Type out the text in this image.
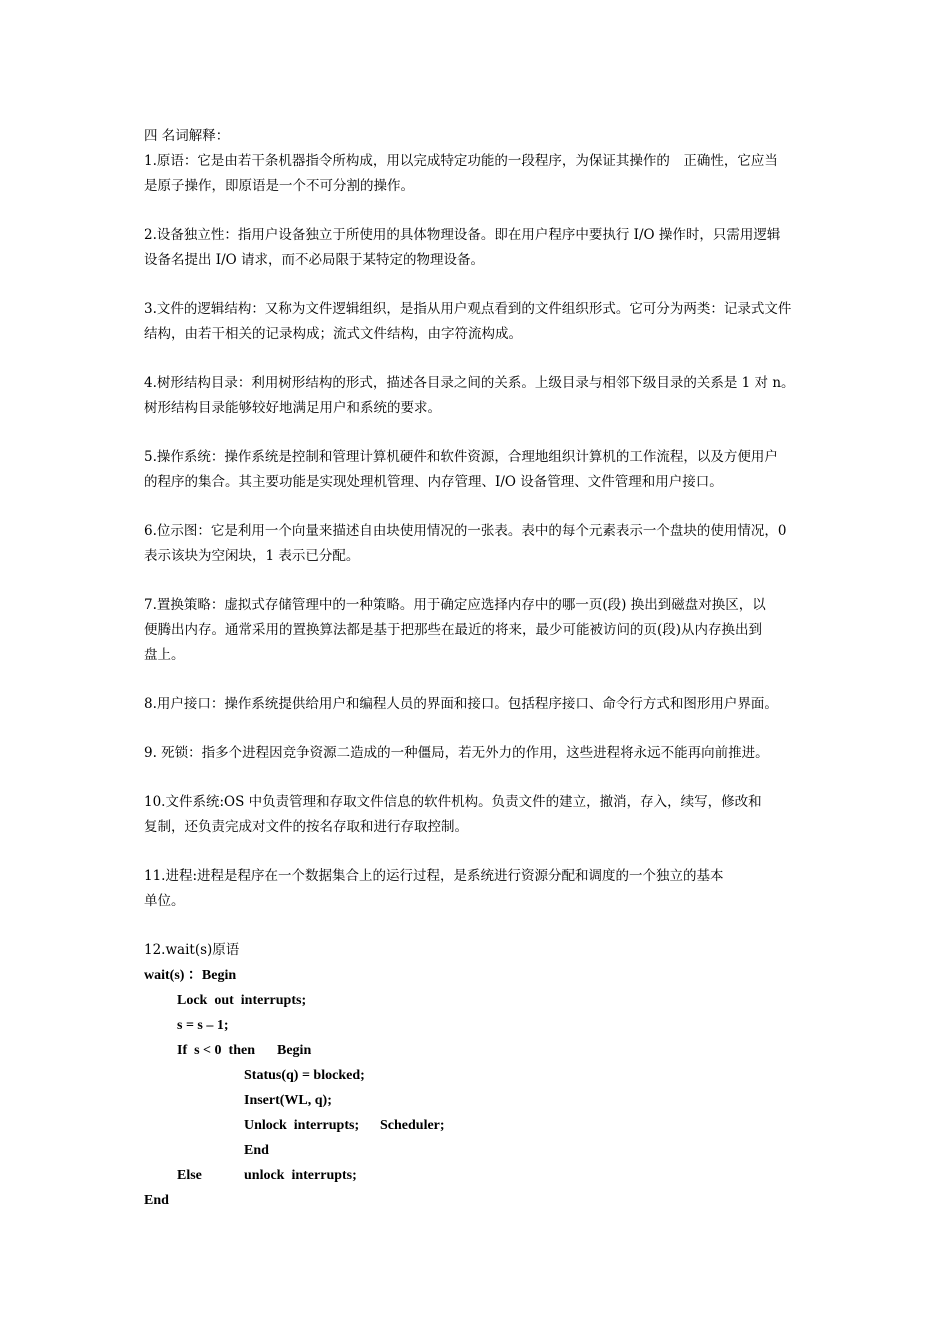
四 名词解释：

1.原语：它是由若干条机器指令所构成，用以完成特定功能的一段程序，为保证其操作的　正确性，它应当
是原子操作，即原语是一个不可分割的操作。
2.设备独立性：指用户设备独立于所使用的具体物理设备。即在用户程序中要执行 I/O 操作时，只需用逻辑
设备名提出 I/O 请求，而不必局限于某特定的物理设备。
3.文件的逻辑结构：又称为文件逻辑组织，是指从用户观点看到的文件组织形式。它可分为两类：记录式文件
结构，由若干相关的记录构成；流式文件结构，由字符流构成。
4.树形结构目录：利用树形结构的形式，描述各目录之间的关系。上级目录与相邻下级目录的关系是 1 对 n。
树形结构目录能够较好地满足用户和系统的要求。
5.操作系统：操作系统是控制和管理计算机硬件和软件资源，合理地组织计算机的工作流程，以及方便用户
的程序的集合。其主要功能是实现处理机管理、内存管理、I/O 设备管理、文件管理和用户接口。
6.位示图：它是利用一个向量来描述自由块使用情况的一张表。表中的每个元素表示一个盘块的使用情况，0
表示该块为空闲块，1 表示已分配。
7.置换策略：虚拟式存储管理中的一种策略。用于确定应选择内存中的哪一页(段) 换出到磁盘对换区，以
便腾出内存。通常采用的置换算法都是基于把那些在最近的将来，最少可能被访问的页(段)从内存换出到
盘上。
8.用户接口：操作系统提供给用户和编程人员的界面和接口。包括程序接口、命令行方式和图形用户界面。
9. 死锁：指多个进程因竞争资源二造成的一种僵局，若无外力的作用，这些进程将永远不能再向前推进。
10.文件系统:OS 中负责管理和存取文件信息的软件机构。负责文件的建立，撤消，存入，续写，修改和
复制，还负责完成对文件的按名存取和进行存取控制。
11.进程:进程是程序在一个数据集合上的运行过程，是系统进行资源分配和调度的一个独立的基本
单位。
12.wait(s)原语
wait(s) ：Begin
Lock  out  interrupts;
s = s – 1;
If  s < 0  then Begin
Status(q) = blocked;
Insert(WL, q);
Unlock  interrupts; Scheduler;
End
Else	unlock  interrupts;
End
